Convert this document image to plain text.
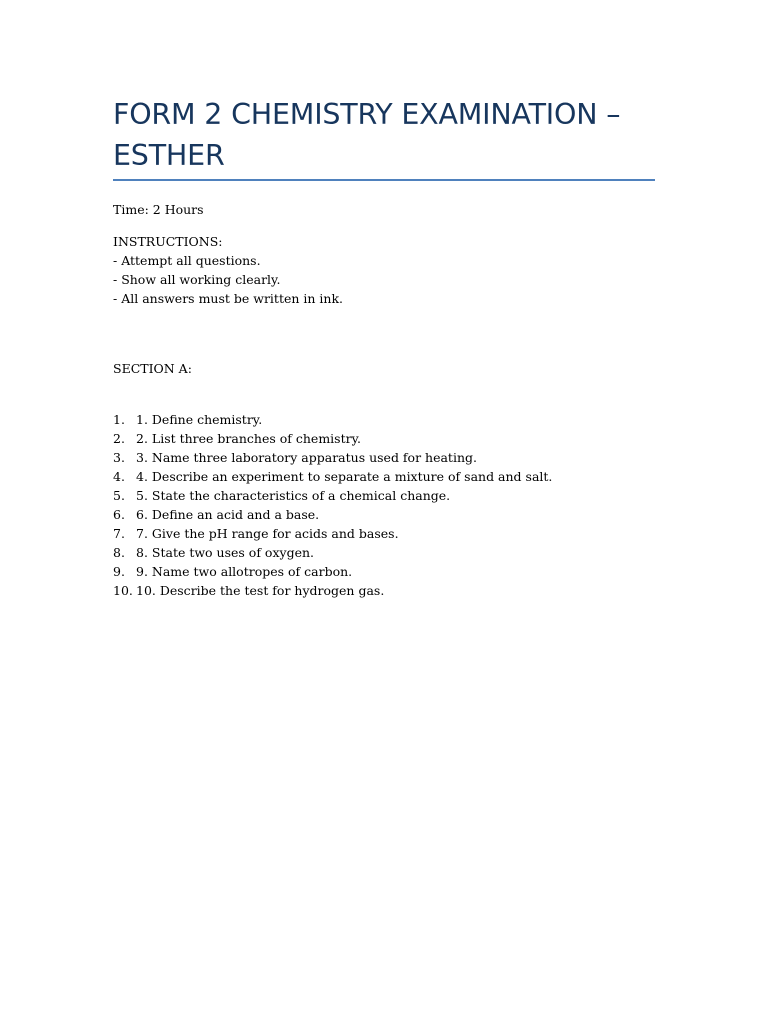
FORM 2 CHEMISTRY EXAMINATION – ESTHER

Time: 2 Hours

INSTRUCTIONS:
- Attempt all questions.
- Show all working clearly.
- All answers must be written in ink.

SECTION A:

1. 1. Define chemistry.
2. 2. List three branches of chemistry.
3. 3. Name three laboratory apparatus used for heating.
4. 4. Describe an experiment to separate a mixture of sand and salt.
5. 5. State the characteristics of a chemical change.
6. 6. Define an acid and a base.
7. 7. Give the pH range for acids and bases.
8. 8. State two uses of oxygen.
9. 9. Name two allotropes of carbon.
10. 10. Describe the test for hydrogen gas.
